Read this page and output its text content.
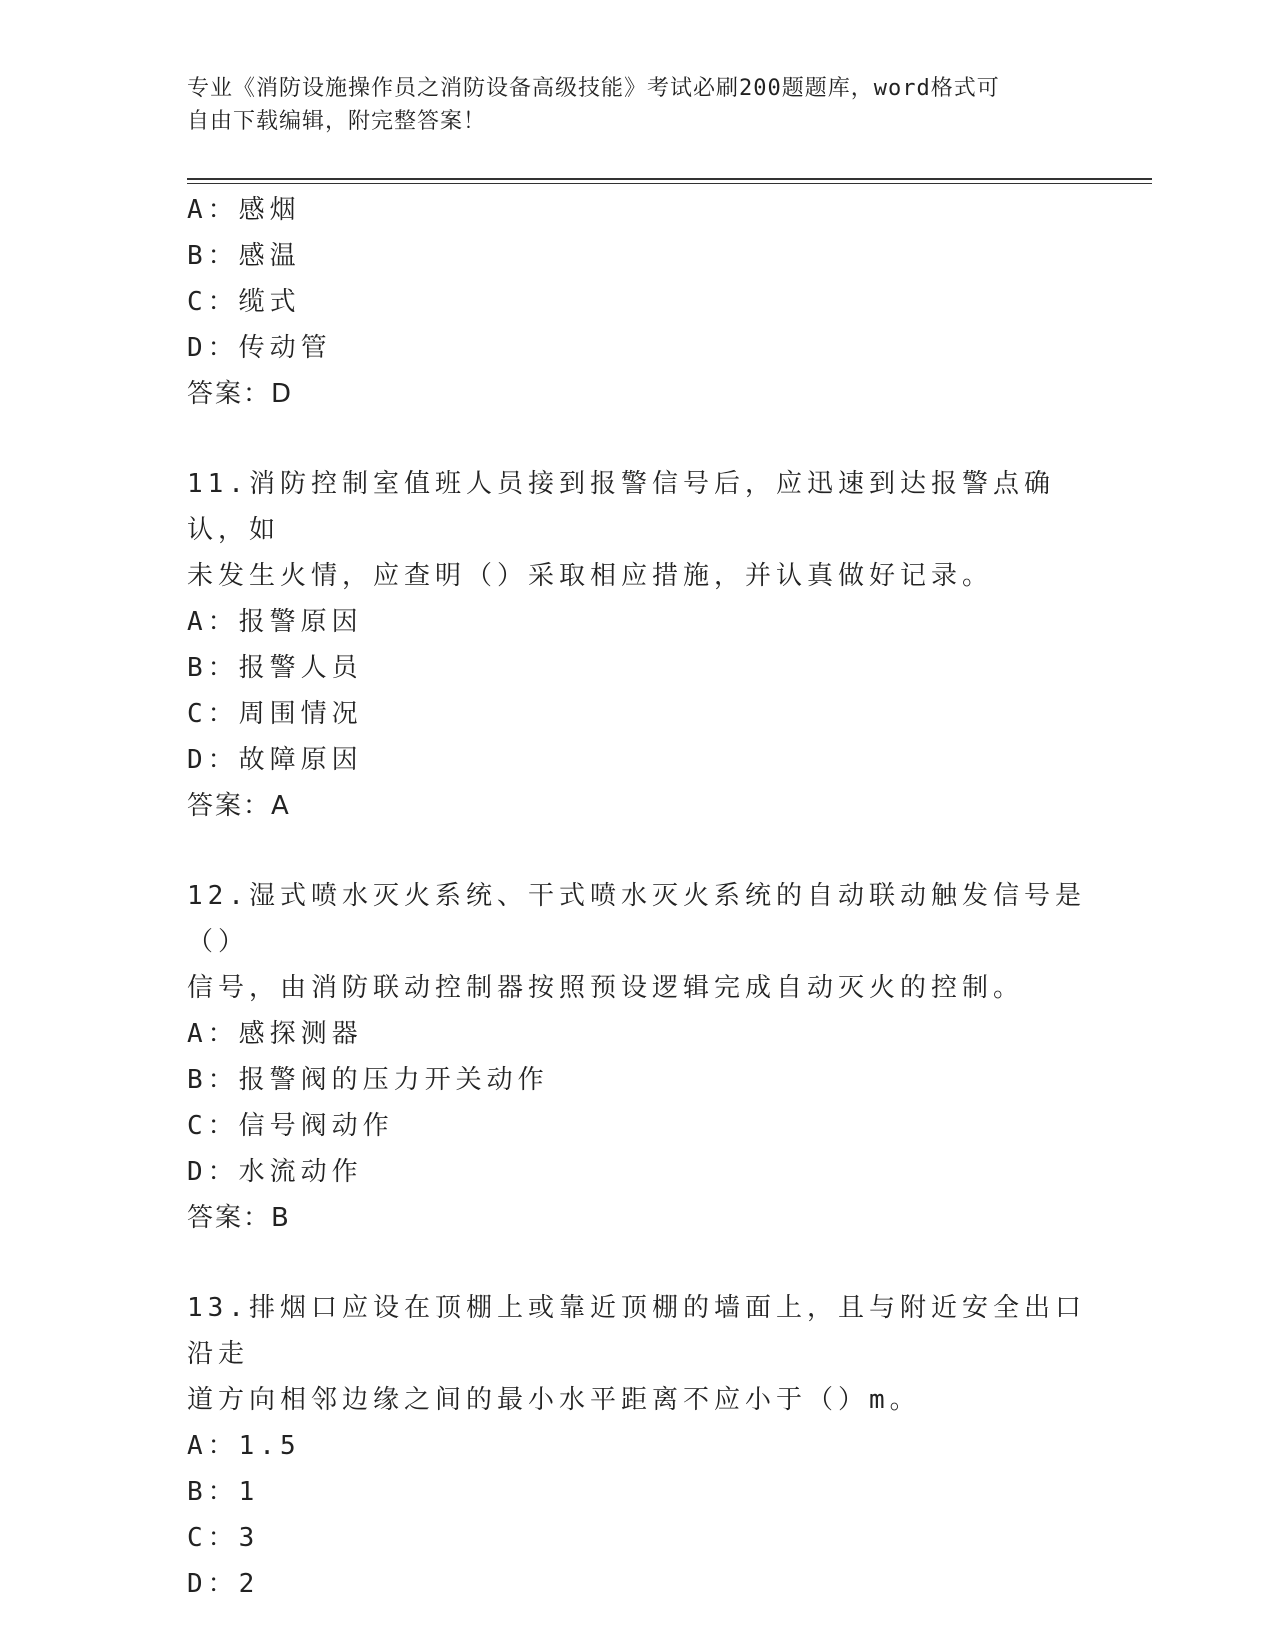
专业《消防设施操作员之消防设备高级技能》考试必刷200题题库，word格式可
自由下载编辑，附完整答案！
A：感烟
B：感温
C：缆式
D：传动管
答案：D
11.消防控制室值班人员接到报警信号后，应迅速到达报警点确认，如
未发生火情，应查明（）采取相应措施，并认真做好记录。
A：报警原因
B：报警人员
C：周围情况
D：故障原因
答案：A
12.湿式喷水灭火系统、干式喷水灭火系统的自动联动触发信号是（）
信号，由消防联动控制器按照预设逻辑完成自动灭火的控制。
A：感探测器
B：报警阀的压力开关动作
C：信号阀动作
D：水流动作
答案：B
13.排烟口应设在顶棚上或靠近顶棚的墙面上，且与附近安全出口沿走
道方向相邻边缘之间的最小水平距离不应小于（）m。
A：1.5
B：1
C：3
D：2
